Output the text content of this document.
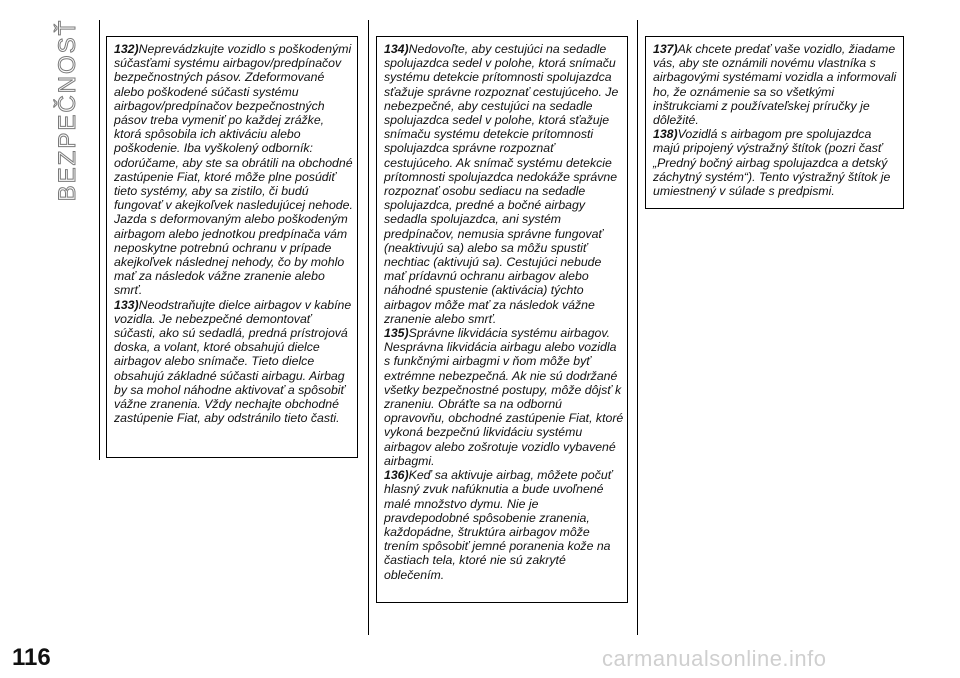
BEZPEČNOSŤ	132)Neprevádzkujte vozidlo s poškodenými súčasťami systému airbagov/predpínačov bezpečnostných pásov. Zdeformované alebo poškodené súčasti systému airbagov/predpínačov bezpečnostných pásov treba vymeniť po každej zrážke, ktorá spôsobila ich aktiváciu alebo poškodenie. Iba vyškolený odborník: odorúčame, aby ste sa obrátili na obchodné zastúpenie Fiat, ktoré môže plne posúdiť tieto systémy, aby sa zistilo, či budú fungovať v akejkoľvek nasledujúcej nehode. Jazda s deformovaným alebo poškodeným airbagom alebo jednotkou predpínača vám neposkytne potrebnú ochranu v prípade akejkoľvek následnej nehody, čo by mohlo mať za následok vážne zranenie alebo smrť.

133)Neodstraňujte dielce airbagov v kabíne vozidla. Je nebezpečné demontovať súčasti, ako sú sedadlá, predná prístrojová doska, a volant, ktoré obsahujú dielce airbagov alebo snímače. Tieto dielce obsahujú základné súčasti airbagu. Airbag by sa mohol náhodne aktivovať a spôsobiť vážne zranenia. Vždy nechajte obchodné zastúpenie Fiat, aby odstránilo tieto časti.

134)Nedovoľte, aby cestujúci na sedadle spolujazdca sedel v polohe, ktorá snímaču systému detekcie prítomnosti spolujazdca sťažuje správne rozpoznať cestujúceho. Je nebezpečné, aby cestujúci na sedadle spolujazdca sedel v polohe, ktorá sťažuje snímaču systému detekcie prítomnosti spolujazdca správne rozpoznať cestujúceho. Ak snímač systému detekcie prítomnosti spolujazdca nedokáže správne rozpoznať osobu sediacu na sedadle spolujazdca, predné a bočné airbagy sedadla spolujazdca, ani systém predpínačov, nemusia správne fungovať (neaktivujú sa) alebo sa môžu spustiť nechtiac (aktivujú sa). Cestujúci nebude mať prídavnú ochranu airbagov alebo náhodné spustenie (aktivácia) týchto airbagov môže mať za následok vážne zranenie alebo smrť.

135)Správne likvidácia systému airbagov. Nesprávna likvidácia airbagu alebo vozidla s funkčnými airbagmi v ňom môže byť extrémne nebezpečná. Ak nie sú dodržané všetky bezpečnostné postupy, môže dôjsť k zraneniu. Obráťte sa na odbornú opravovňu, obchodné zastúpenie Fiat, ktoré vykoná bezpečnú likvidáciu systému airbagov alebo zošrotuje vozidlo vybavené airbagmi.

136)Keď sa aktivuje airbag, môžete počuť hlasný zvuk nafúknutia a bude uvoľnené malé množstvo dymu. Nie je pravdepodobné spôsobenie zranenia, každopádne, štruktúra airbagov môže trením spôsobiť jemné poranenia kože na častiach tela, ktoré nie sú zakryté oblečením.

137)Ak chcete predať vaše vozidlo, žiadame vás, aby ste oznámili novému vlastníka s airbagovými systémami vozidla a informovali ho, že oznámenie sa so všetkými inštrukciami z používateľskej príručky je dôležité.

138)Vozidlá s airbagom pre spolujazdca majú pripojený výstražný štítok (pozri časť „Predný bočný airbag spolujazdca a detský záchytný systém“). Tento výstražný štítok je umiestnený v súlade s predpismi.

116	carmanualsonline.info
